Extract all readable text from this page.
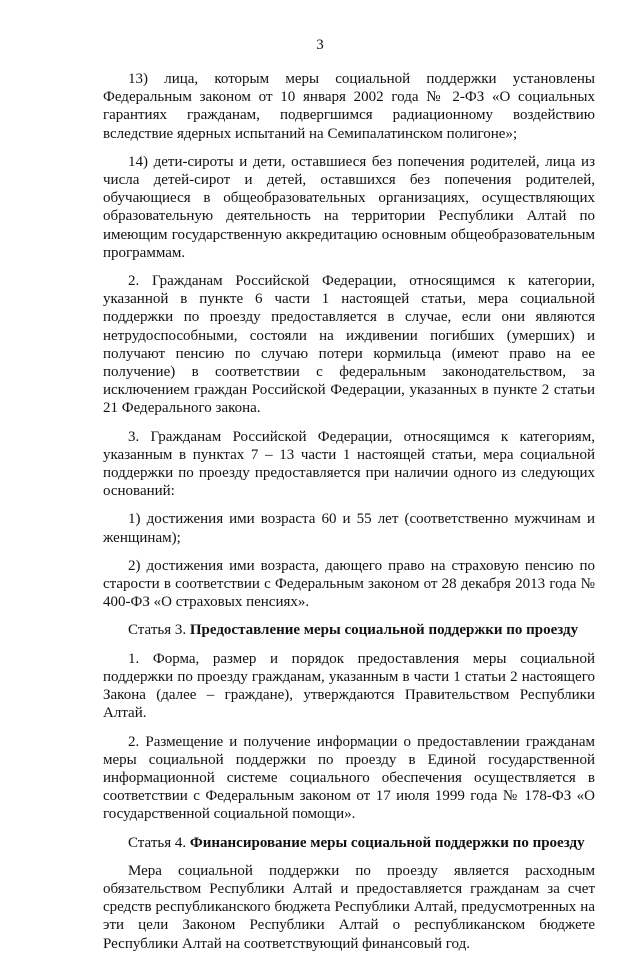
3

13) лица, которым меры социальной поддержки установлены Федеральным законом от 10 января 2002 года № 2-ФЗ «О социальных гарантиях гражданам, подвергшимся радиационному воздействию вследствие ядерных испытаний на Семипалатинском полигоне»;

14) дети-сироты и дети, оставшиеся без попечения родителей, лица из числа детей-сирот и детей, оставшихся без попечения родителей, обучающиеся в общеобразовательных организациях, осуществляющих образовательную деятельность на территории Республики Алтай по имеющим государственную аккредитацию основным общеобразовательным программам.

2. Гражданам Российской Федерации, относящимся к категории, указанной в пункте 6 части 1 настоящей статьи, мера социальной поддержки по проезду предоставляется в случае, если они являются нетрудоспособными, состояли на иждивении погибших (умерших) и получают пенсию по случаю потери кормильца (имеют право на ее получение) в соответствии с федеральным законодательством, за исключением граждан Российской Федерации, указанных в пункте 2 статьи 21 Федерального закона.

3. Гражданам Российской Федерации, относящимся к категориям, указанным в пунктах 7 – 13 части 1 настоящей статьи, мера социальной поддержки по проезду предоставляется при наличии одного из следующих оснований:

1) достижения ими возраста 60 и 55 лет (соответственно мужчинам и женщинам);

2) достижения ими возраста, дающего право на страховую пенсию по старости в соответствии с Федеральным законом от 28 декабря 2013 года № 400-ФЗ «О страховых пенсиях».

Статья 3. Предоставление меры социальной поддержки по проезду

1. Форма, размер и порядок предоставления меры социальной поддержки по проезду гражданам, указанным в части 1 статьи 2 настоящего Закона (далее – граждане), утверждаются Правительством Республики Алтай.

2. Размещение и получение информации о предоставлении гражданам меры социальной поддержки по проезду в Единой государственной информационной системе социального обеспечения осуществляется в соответствии с Федеральным законом от 17 июля 1999 года № 178-ФЗ «О государственной социальной помощи».

Статья 4. Финансирование меры социальной поддержки по проезду

Мера социальной поддержки по проезду является расходным обязательством Республики Алтай и предоставляется гражданам за счет средств республиканского бюджета Республики Алтай, предусмотренных на эти цели Законом Республики Алтай о республиканском бюджете Республики Алтай на соответствующий финансовый год.
